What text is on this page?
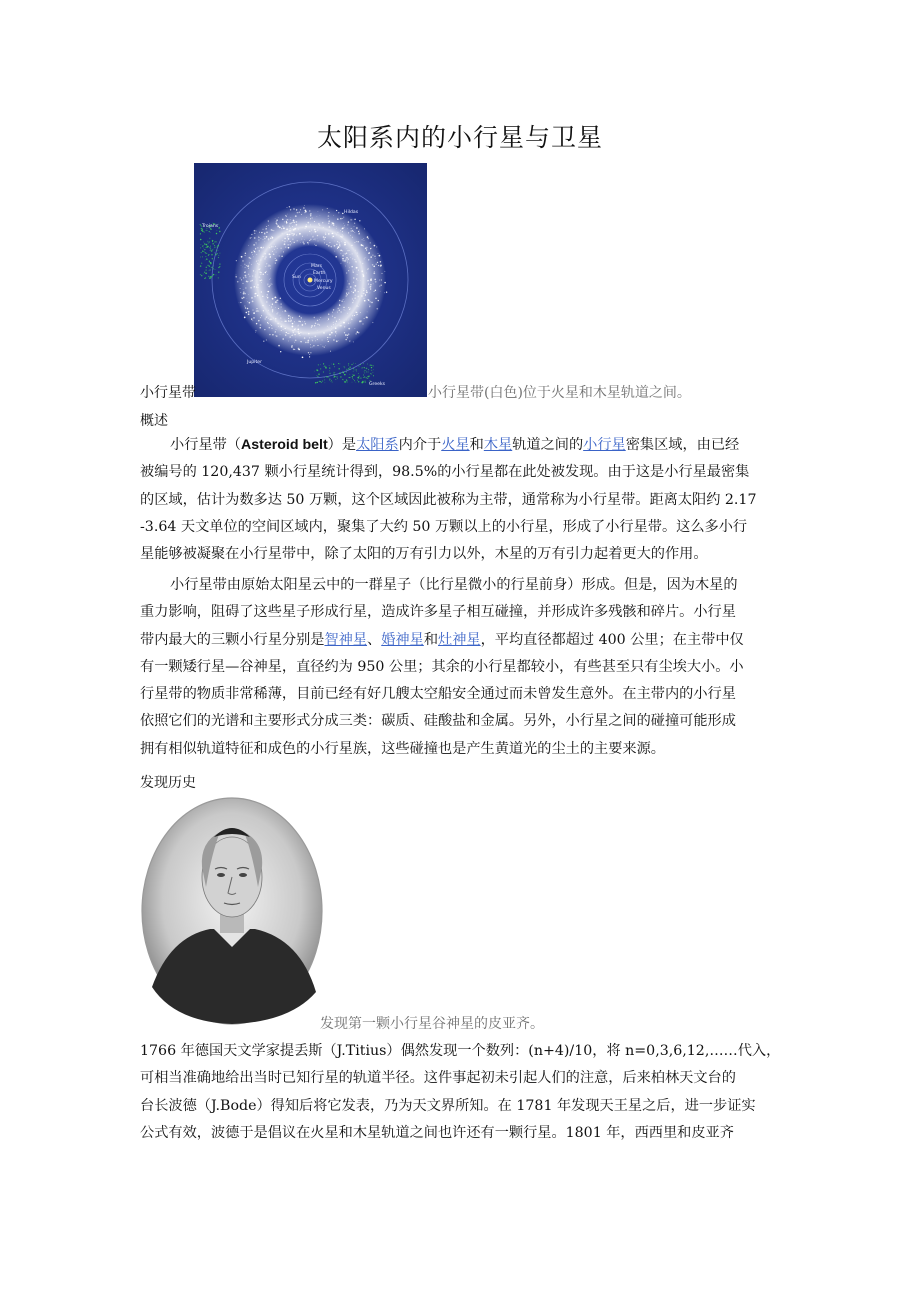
太阳系内的小行星与卫星
Trojans
Hildas
Mars
Earth
Sun
Mercury
Venus
Jupiter
Greeks
小行星带	小行星带(白色)位于火星和木星轨道之间。
概述
小行星带（Asteroid belt）是太阳系内介于火星和木星轨道之间的小行星密集区域，由已经
被编号的 120,437 颗小行星统计得到，98.5%的小行星都在此处被发现。由于这是小行星最密集
的区域，估计为数多达 50 万颗，这个区域因此被称为主带，通常称为小行星带。距离太阳约 2.17
-3.64 天文单位的空间区域内，聚集了大约 50 万颗以上的小行星，形成了小行星带。这么多小行
星能够被凝聚在小行星带中，除了太阳的万有引力以外，木星的万有引力起着更大的作用。
小行星带由原始太阳星云中的一群星子（比行星微小的行星前身）形成。但是，因为木星的
重力影响，阻碍了这些星子形成行星，造成许多星子相互碰撞，并形成许多残骸和碎片。小行星
带内最大的三颗小行星分别是智神星、婚神星和灶神星，平均直径都超过 400 公里；在主带中仅
有一颗矮行星—谷神星，直径约为 950 公里；其余的小行星都较小，有些甚至只有尘埃大小。小
行星带的物质非常稀薄，目前已经有好几艘太空船安全通过而未曾发生意外。在主带内的小行星
依照它们的光谱和主要形式分成三类：碳质、硅酸盐和金属。另外，小行星之间的碰撞可能形成
拥有相似轨道特征和成色的小行星族，这些碰撞也是产生黄道光的尘土的主要来源。
发现历史
发现第一颗小行星谷神星的皮亚齐。
1766 年德国天文学家提丢斯（J.Titius）偶然发现一个数列：(n+4)/10，将 n=0,3,6,12,……代入，
可相当准确地给出当时已知行星的轨道半径。这件事起初未引起人们的注意，后来柏林天文台的
台长波德（J.Bode）得知后将它发表，乃为天文界所知。在 1781 年发现天王星之后，进一步证实
公式有效，波德于是倡议在火星和木星轨道之间也许还有一颗行星。1801 年，西西里和皮亚齐
